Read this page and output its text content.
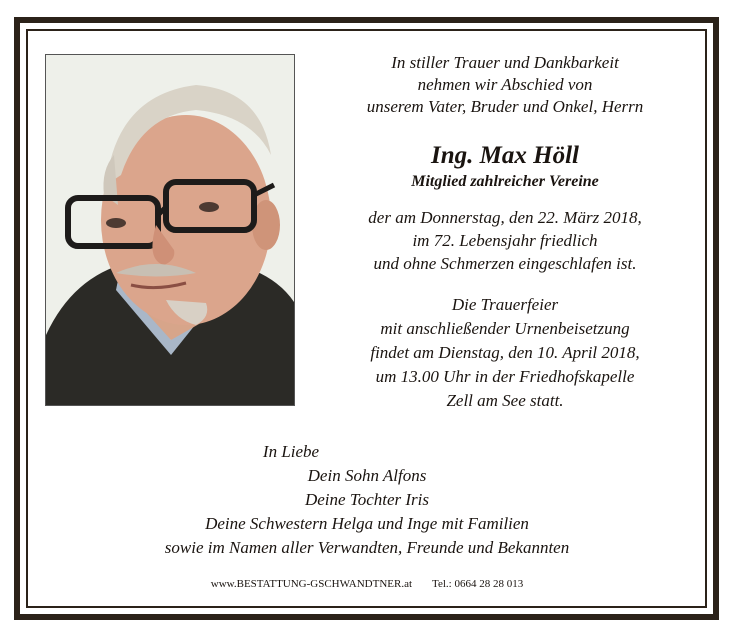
In stiller Trauer und Dankbarkeit
nehmen wir Abschied von
unserem Vater, Bruder und Onkel, Herrn
Ing. Max Höll
Mitglied zahlreicher Vereine
der am Donnerstag, den 22. März 2018,
im 72. Lebensjahr friedlich
und ohne Schmerzen eingeschlafen ist.
Die Trauerfeier
mit anschließender Urnenbeisetzung
findet am Dienstag, den 10. April 2018,
um 13.00 Uhr in der Friedhofskapelle
Zell am See statt.
In Liebe
Dein Sohn Alfons
Deine Tochter Iris
Deine Schwestern Helga und Inge mit Familien
sowie im Namen aller Verwandten, Freunde und Bekannten
www.BESTATTUNG-GSCHWANDTNER.at Tel.: 0664 28 28 013
